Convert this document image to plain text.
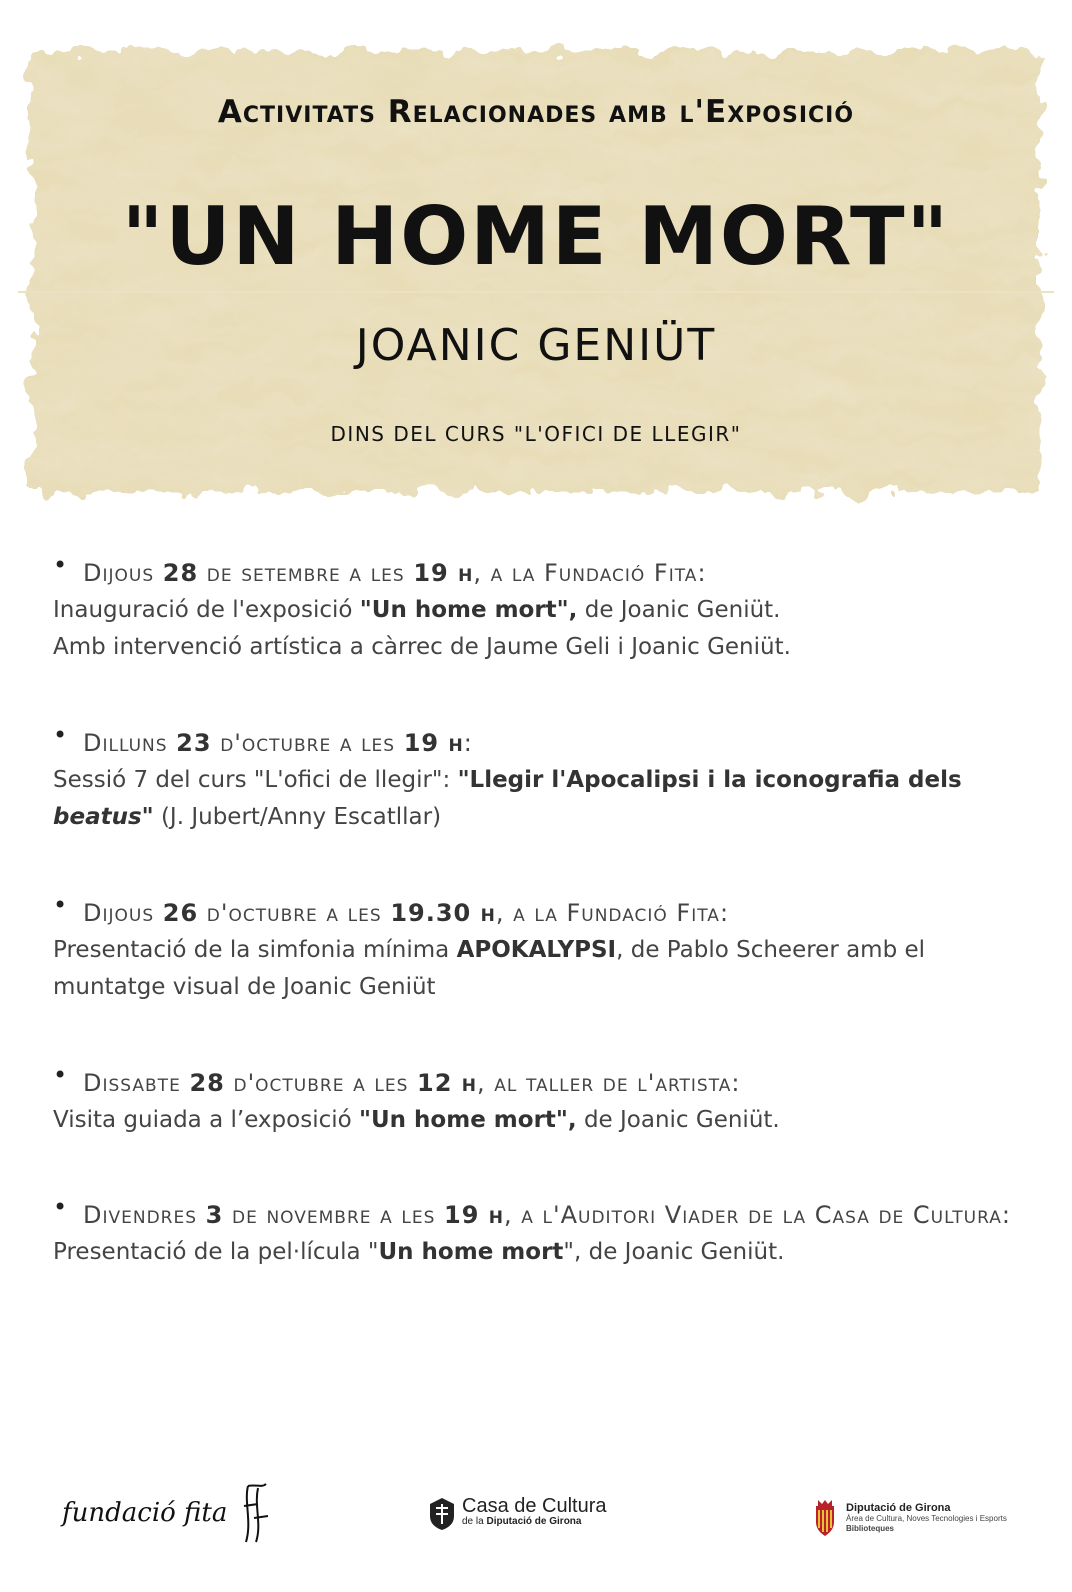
Activitats Relacionades amb l'Exposició
"UN HOME MORT"
JOANIC GENIÜT
DINS DEL CURS "L'OFICI DE LLEGIR"
• Dijous 28 de setembre a les 19 h, a la Fundació Fita:
Inauguració de l'exposició "Un home mort", de Joanic Geniüt.
Amb intervenció artística a càrrec de Jaume Geli i Joanic Geniüt.
• Dilluns 23 d'octubre a les 19 h:
Sessió 7 del curs "L'ofici de llegir": "Llegir l'Apocalipsi i la iconografia dels beatus" (J. Jubert/Anny Escatllar)
• Dijous 26 d'octubre a les 19.30 h, a la Fundació Fita:
Presentació de la simfonia mínima APOKALYPSI, de Pablo Scheerer amb el muntatge visual de Joanic Geniüt
• Dissabte 28 d'octubre a les 12 h, al taller de l'artista:
Visita guiada a l’exposició "Un home mort", de Joanic Geniüt.
• Divendres 3 de novembre a les 19 h, a l'Auditori Viader de la Casa de Cultura:
Presentació de la pel·lícula "Un home mort", de Joanic Geniüt.
fundació fita	Casa de Cultura
de la Diputació de Girona
Diputació de Girona
Àrea de Cultura, Noves Tecnologies i Esports
Biblioteques
